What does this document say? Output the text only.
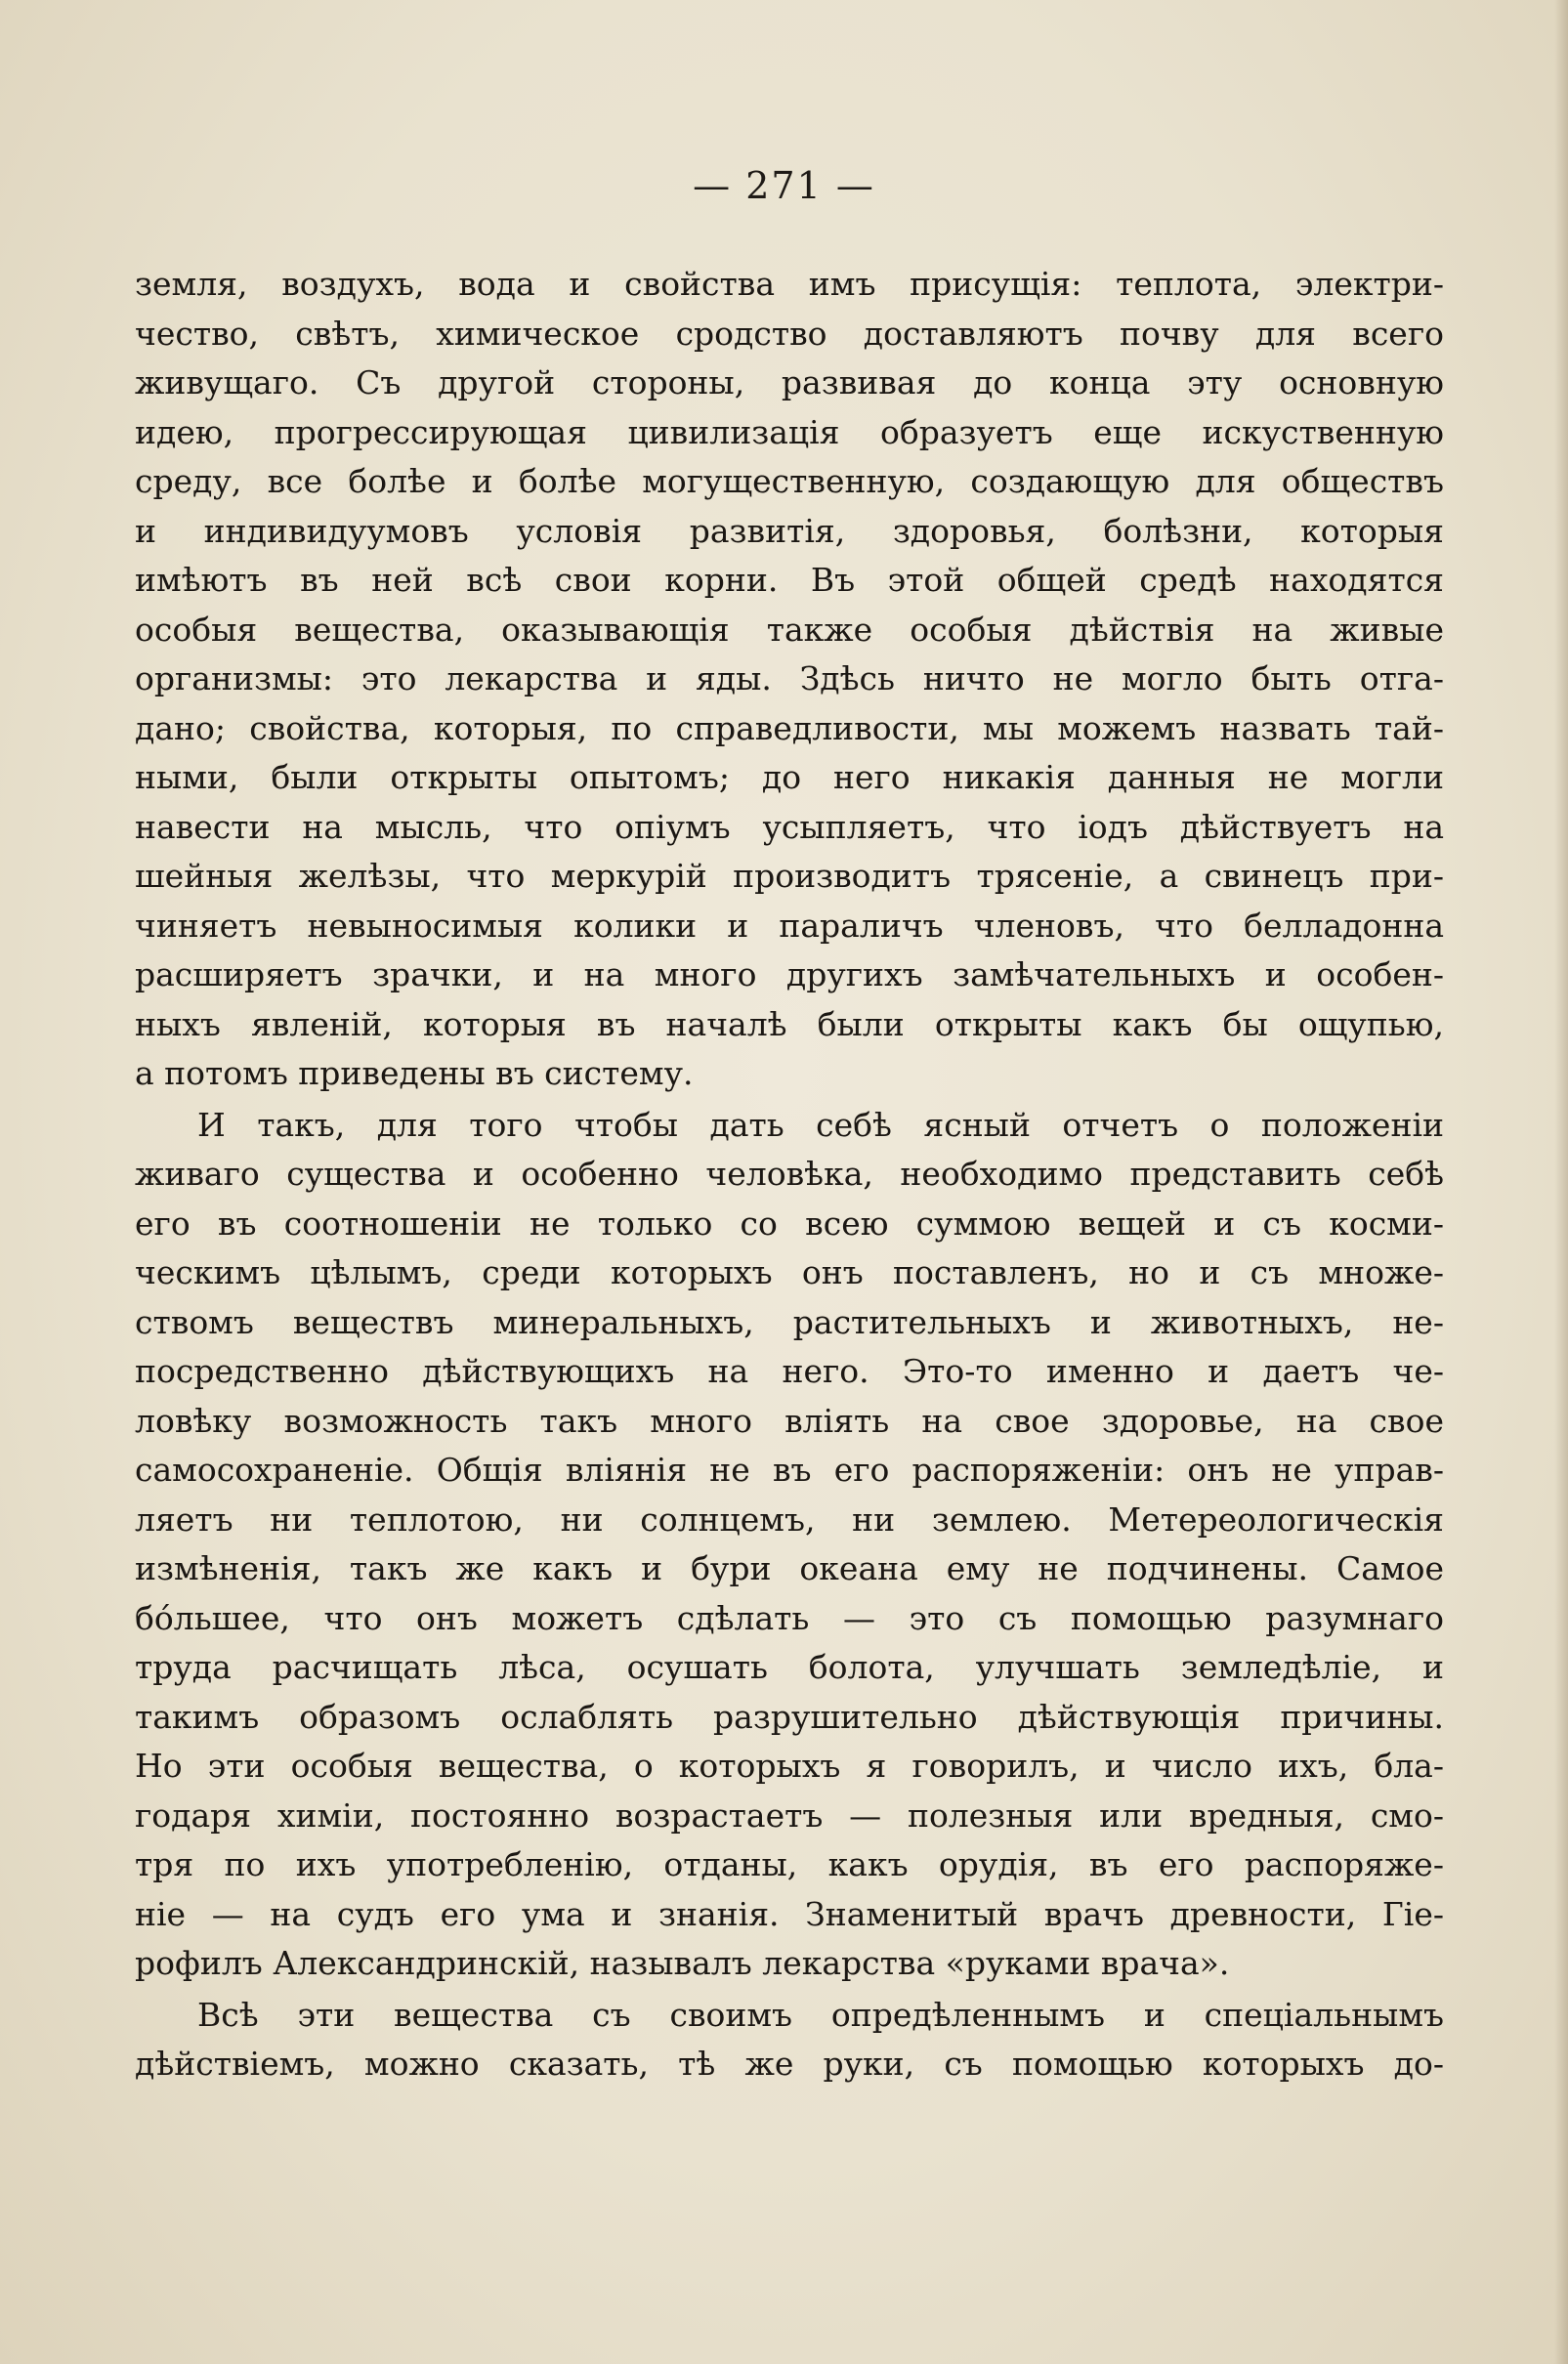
— 271 —
земля, воздухъ, вода и свойства имъ присущія: теплота, электри-
чество, свѣтъ, химическое сродство доставляютъ почву для всего
живущаго. Съ другой стороны, развивая до конца эту основную
идею, прогрессирующая цивилизація образуетъ еще искуственную
среду, все болѣе и болѣе могущественную, создающую для обществъ
и индивидуумовъ условія развитія, здоровья, болѣзни, которыя
имѣютъ въ ней всѣ свои корни. Въ этой общей средѣ находятся
особыя вещества, оказывающія также особыя дѣйствія на живые
организмы: это лекарства и яды. Здѣсь ничто не могло быть отга-
дано; свойства, которыя, по справедливости, мы можемъ назвать тай-
ными, были открыты опытомъ; до него никакія данныя не могли
навести на мысль, что опіумъ усыпляетъ, что іодъ дѣйствуетъ на
шейныя желѣзы, что меркурій производитъ трясеніе, а свинецъ при-
чиняетъ невыносимыя колики и параличъ членовъ, что белладонна
расширяетъ зрачки, и на много другихъ замѣчательныхъ и особен-
ныхъ явленій, которыя въ началѣ были открыты какъ бы ощупью,
а потомъ приведены въ систему.
И такъ, для того чтобы дать себѣ ясный отчетъ о положеніи
живаго существа и особенно человѣка, необходимо представить себѣ
его въ соотношеніи не только со всею суммою вещей и съ косми-
ческимъ цѣлымъ, среди которыхъ онъ поставленъ, но и съ множе-
ствомъ веществъ минеральныхъ, растительныхъ и животныхъ, не-
посредственно дѣйствующихъ на него. Это-то именно и даетъ че-
ловѣку возможность такъ много вліять на свое здоровье, на свое
самосохраненіе. Общія вліянія не въ его распоряженіи: онъ не управ-
ляетъ ни теплотою, ни солнцемъ, ни землею. Метереологическія
измѣненія, такъ же какъ и бури океана ему не подчинены. Самое
бо́льшее, что онъ можетъ сдѣлать — это съ помощью разумнаго
труда расчищать лѣса, осушать болота, улучшать земледѣліе, и
такимъ образомъ ослаблять разрушительно дѣйствующія причины.
Но эти особыя вещества, о которыхъ я говорилъ, и число ихъ, бла-
годаря химіи, постоянно возрастаетъ — полезныя или вредныя, смо-
тря по ихъ употребленію, отданы, какъ орудія, въ его распоряже-
ніе — на судъ его ума и знанія. Знаменитый врачъ древности, Гіе-
рофилъ Александринскій, называлъ лекарства «руками врача».
Всѣ эти вещества съ своимъ опредѣленнымъ и спеціальнымъ
дѣйствіемъ, можно сказать, тѣ же руки, съ помощью которыхъ до-
